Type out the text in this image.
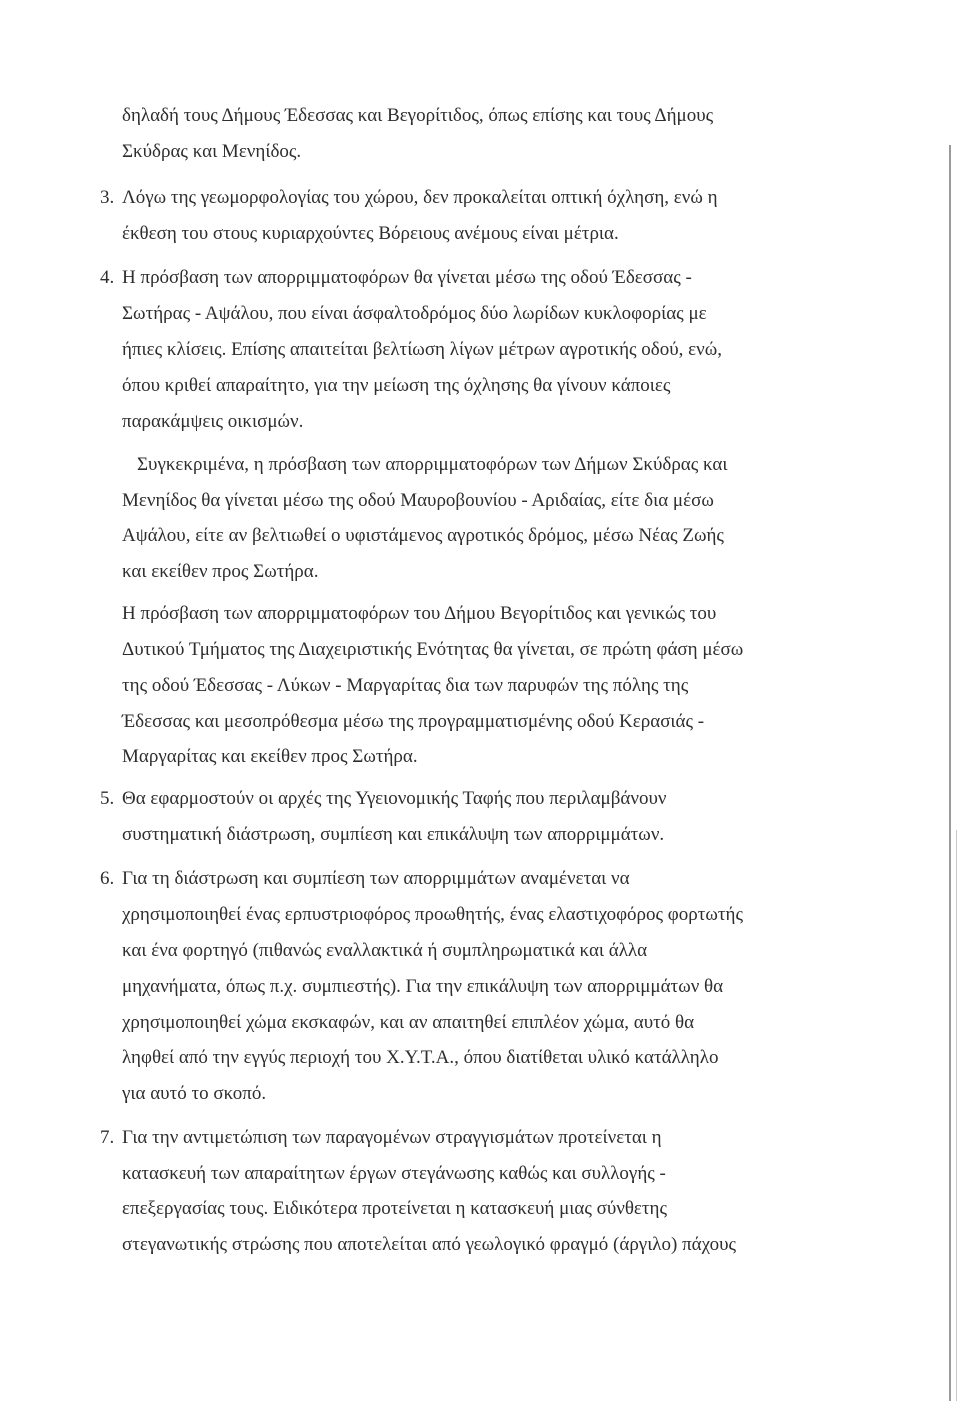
δηλαδή τους Δήμους Έδεσσας και Βεγορίτιδος, όπως επίσης και τους Δήμους
Σκύδρας και Μενηίδος.
3. Λόγω της γεωμορφολογίας του χώρου, δεν προκαλείται οπτική όχληση, ενώ η
έκθεση του στους κυριαρχούντες Βόρειους ανέμους είναι μέτρια.
4. Η πρόσβαση των απορριμματοφόρων θα γίνεται μέσω της οδού Έδεσσας -
Σωτήρας - Αψάλου, που είναι άσφαλτοδρόμος δύο λωρίδων κυκλοφορίας με
ήπιες κλίσεις. Επίσης απαιτείται βελτίωση λίγων μέτρων αγροτικής οδού, ενώ,
όπου κριθεί απαραίτητο, για την μείωση της όχλησης θα γίνουν κάποιες
παρακάμψεις οικισμών.
Συγκεκριμένα, η πρόσβαση των απορριμματοφόρων των Δήμων Σκύδρας και
Μενηίδος θα γίνεται μέσω της οδού Μαυροβουνίου - Αριδαίας, είτε δια μέσω
Αψάλου, είτε αν βελτιωθεί ο υφιστάμενος αγροτικός δρόμος, μέσω Νέας Ζωής
και εκείθεν προς Σωτήρα.
Η πρόσβαση των απορριμματοφόρων του Δήμου Βεγορίτιδος και γενικώς του
Δυτικού Τμήματος της Διαχειριστικής Ενότητας θα γίνεται, σε πρώτη φάση μέσω
της οδού Έδεσσας - Λύκων - Μαργαρίτας δια των παρυφών της πόλης της
Έδεσσας και μεσοπρόθεσμα μέσω της προγραμματισμένης οδού Κερασιάς -
Μαργαρίτας και εκείθεν προς Σωτήρα.
5. Θα εφαρμοστούν οι αρχές της Υγειονομικής Ταφής που περιλαμβάνουν
συστηματική διάστρωση, συμπίεση και επικάλυψη των απορριμμάτων.
6. Για τη διάστρωση και συμπίεση των απορριμμάτων αναμένεται να
χρησιμοποιηθεί ένας ερπυστριοφόρος προωθητής, ένας ελαστιχοφόρος φορτωτής
και ένα φορτηγό (πιθανώς εναλλακτικά ή συμπληρωματικά και άλλα
μηχανήματα, όπως π.χ. συμπιεστής). Για την επικάλυψη των απορριμμάτων θα
χρησιμοποιηθεί χώμα εκσκαφών, και αν απαιτηθεί επιπλέον χώμα, αυτό θα
ληφθεί από την εγγύς περιοχή του Χ.Υ.Τ.Α., όπου διατίθεται υλικό κατάλληλο
για αυτό το σκοπό.
7. Για την αντιμετώπιση των παραγομένων στραγγισμάτων προτείνεται η
κατασκευή των απαραίτητων έργων στεγάνωσης καθώς και συλλογής -
επεξεργασίας τους. Ειδικότερα προτείνεται η κατασκευή μιας σύνθετης
στεγανωτικής στρώσης που αποτελείται από γεωλογικό φραγμό (άργιλο) πάχους
